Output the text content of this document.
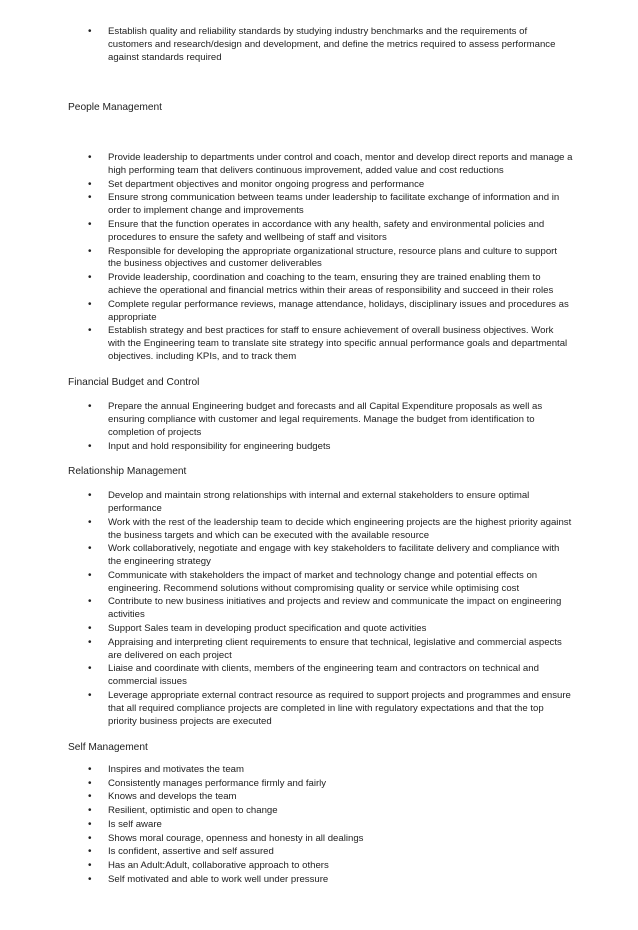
• Establish quality and reliability standards by studying industry benchmarks and the requirements of customers and research/design and development, and define the metrics required to assess performance against standards required
People Management
• Provide leadership to departments under control and coach, mentor and develop direct reports and manage a high performing team that delivers continuous improvement, added value and cost reductions
• Set department objectives and monitor ongoing progress and performance
• Ensure strong communication between teams under leadership to facilitate exchange of information and in order to implement change and improvements
• Ensure that the function operates in accordance with any health, safety and environmental policies and procedures to ensure the safety and wellbeing of staff and visitors
• Responsible for developing the appropriate organizational structure, resource plans and culture to support the business objectives and customer deliverables
• Provide leadership, coordination and coaching to the team, ensuring they are trained enabling them to achieve the operational and financial metrics within their areas of responsibility and succeed in their roles
• Complete regular performance reviews, manage attendance, holidays, disciplinary issues and procedures as appropriate
• Establish strategy and best practices for staff to ensure achievement of overall business objectives. Work with the Engineering team to translate site strategy into specific annual performance goals and departmental objectives. including KPIs, and to track them
Financial Budget and Control
• Prepare the annual Engineering budget and forecasts and all Capital Expenditure proposals as well as ensuring compliance with customer and legal requirements. Manage the budget from identification to completion of projects
• Input and hold responsibility for engineering budgets
Relationship Management
• Develop and maintain strong relationships with internal and external stakeholders to ensure optimal performance
• Work with the rest of the leadership team to decide which engineering projects are the highest priority against the business targets and which can be executed with the available resource
• Work collaboratively, negotiate and engage with key stakeholders to facilitate delivery and compliance with the engineering strategy
• Communicate with stakeholders the impact of market and technology change and potential effects on engineering. Recommend solutions without compromising quality or service while optimising cost
• Contribute to new business initiatives and projects and review and communicate the impact on engineering activities
• Support Sales team in developing product specification and quote activities
• Appraising and interpreting client requirements to ensure that technical, legislative and commercial aspects are delivered on each project
• Liaise and coordinate with clients, members of the engineering team and contractors on technical and commercial issues
• Leverage appropriate external contract resource as required to support projects and programmes and ensure that all required compliance projects are completed in line with regulatory expectations and that the top priority business projects are executed
Self Management
• Inspires and motivates the team
• Consistently manages performance firmly and fairly
• Knows and develops the team
• Resilient, optimistic and open to change
• Is self aware
• Shows moral courage, openness and honesty in all dealings
• Is confident, assertive and self assured
• Has an Adult:Adult, collaborative approach to others
• Self motivated and able to work well under pressure
